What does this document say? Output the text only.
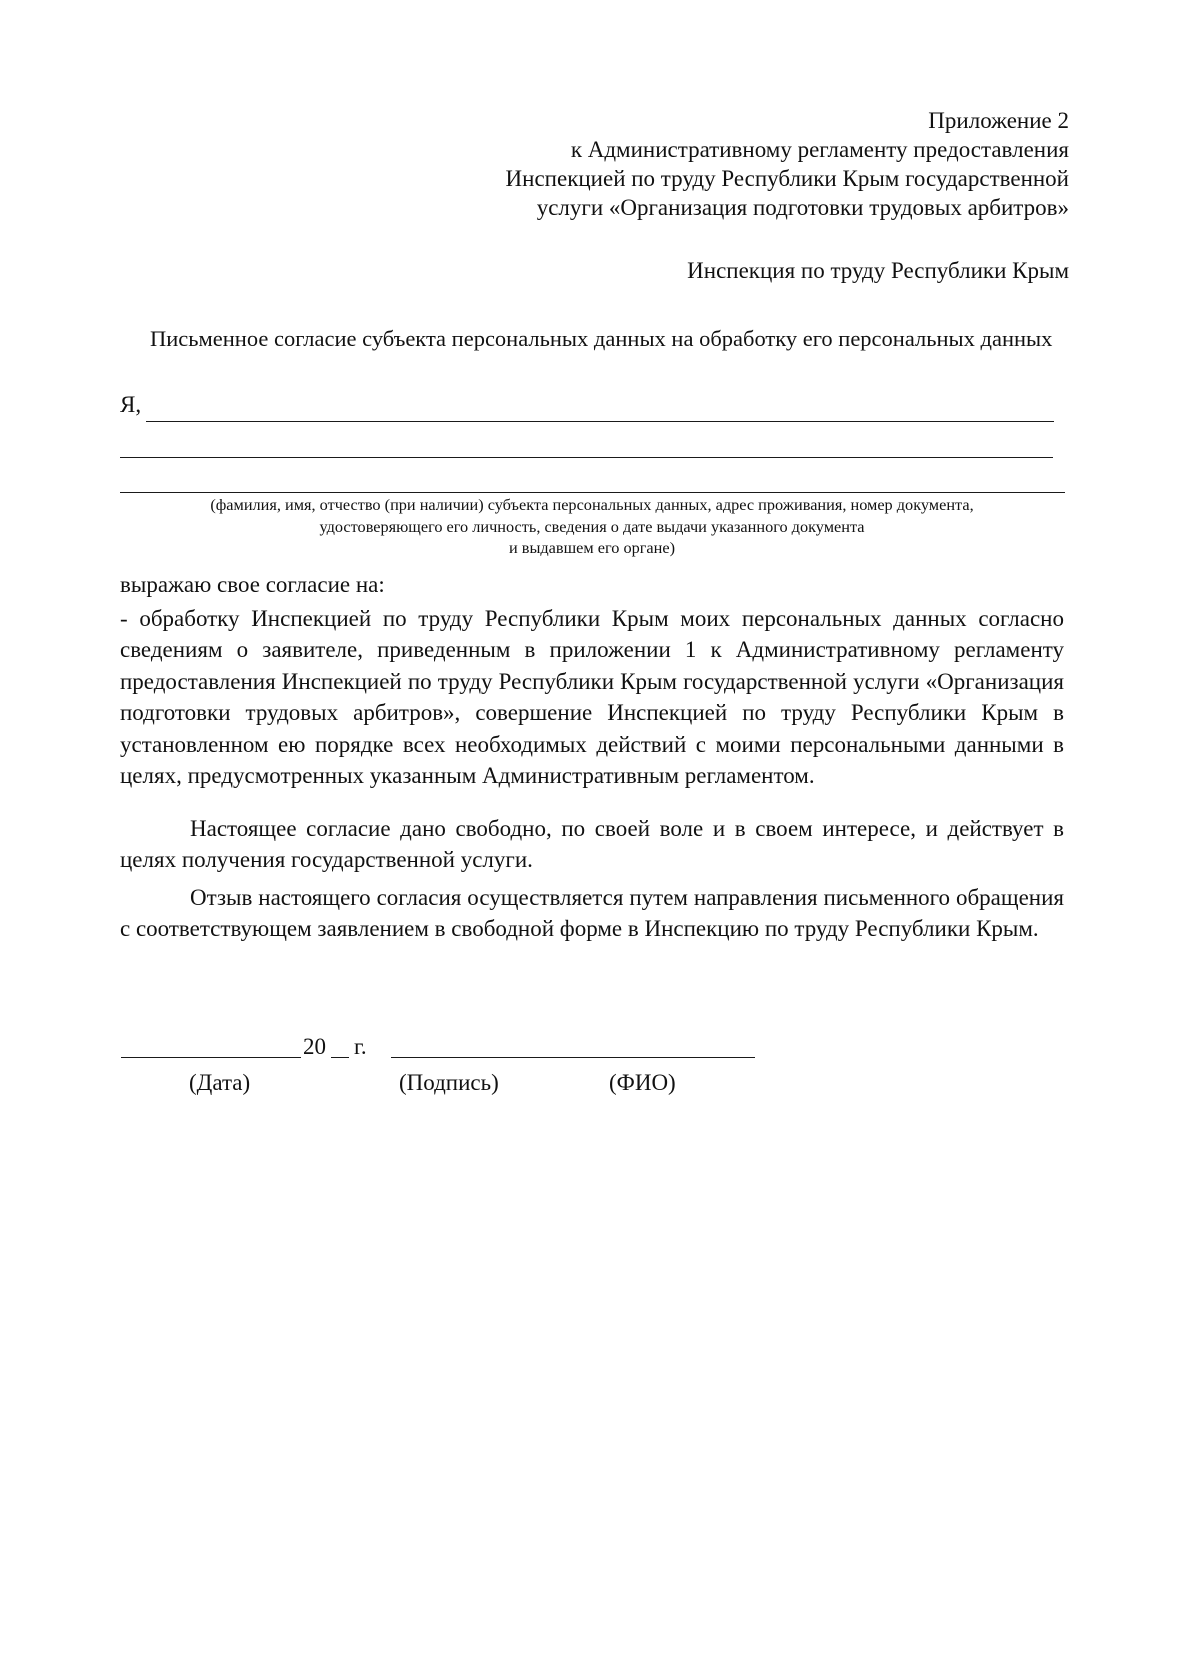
Приложение 2
к Административному регламенту предоставления
Инспекцией по труду Республики Крым государственной
услуги «Организация подготовки трудовых арбитров»
Инспекция по труду Республики Крым
Письменное согласие субъекта персональных данных на обработку его персональных данных
Я,
(фамилия, имя, отчество (при наличии) субъекта персональных данных, адрес проживания, номер документа,
удостоверяющего его личность, сведения о дате выдачи указанного документа
и выдавшем его органе)
выражаю свое согласие на:
- обработку Инспекцией по труду Республики Крым моих персональных данных согласно сведениям о заявителе, приведенным в приложении 1 к Административному регламенту предоставления Инспекцией по труду Республики Крым государственной услуги «Организация подготовки трудовых арбитров», совершение Инспекцией по труду Республики Крым в установленном ею порядке всех необходимых действий с моими персональными данными в целях, предусмотренных указанным Административным регламентом.
Настоящее согласие дано свободно, по своей воле и в своем интересе, и действует в целях получения государственной услуги.
Отзыв настоящего согласия осуществляется путем направления письменного обращения с соответствующем заявлением в свободной форме в Инспекцию по труду Республики Крым.
20 г.
(Дата)	(Подпись)	(ФИО)
